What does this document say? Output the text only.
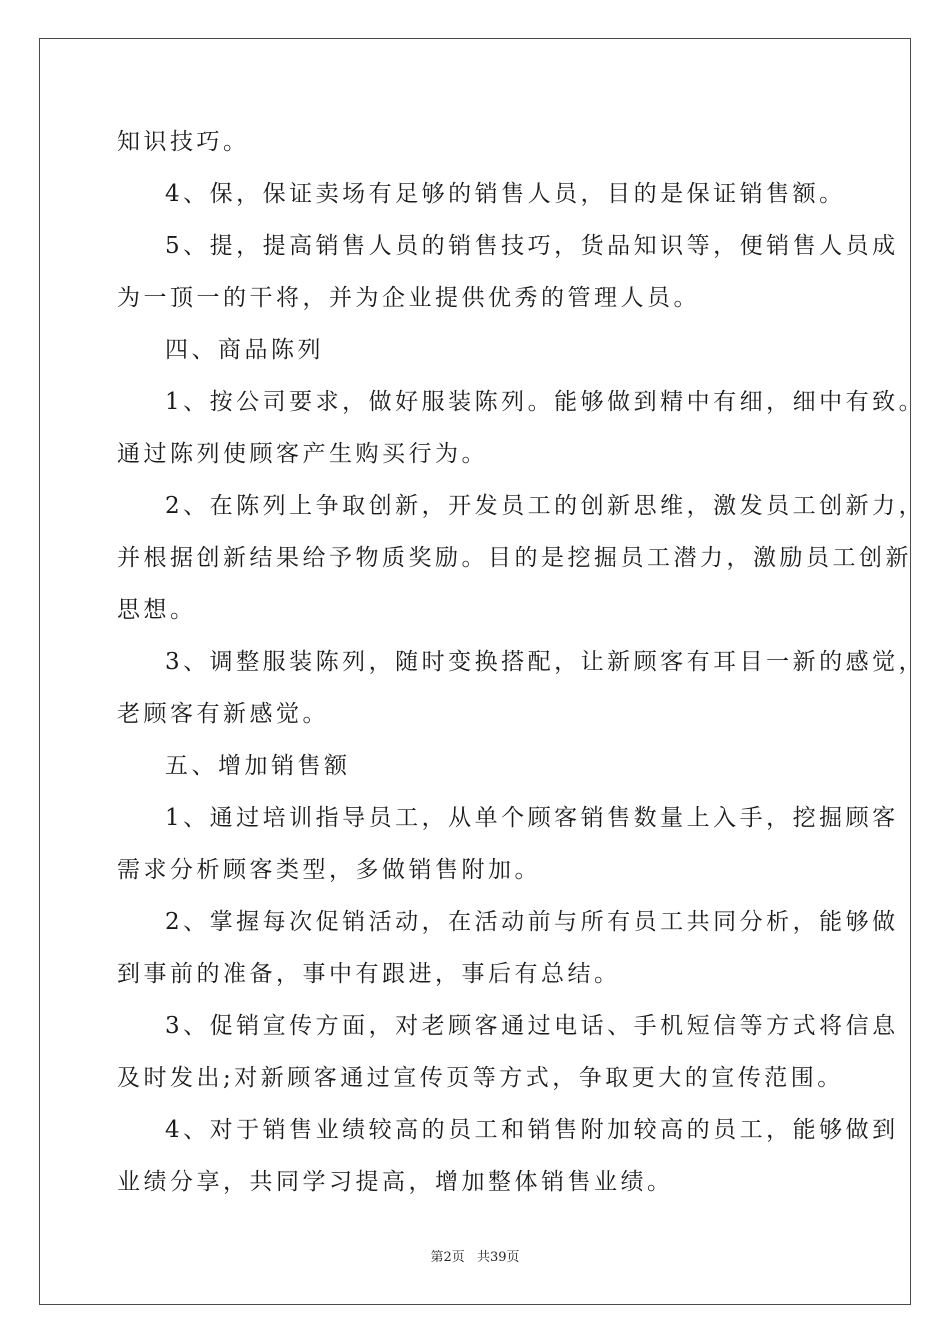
知识技巧。
4、保，保证卖场有足够的销售人员，目的是保证销售额。
5、提，提高销售人员的销售技巧，货品知识等，便销售人员成
为一顶一的干将，并为企业提供优秀的管理人员。
四、商品陈列
1、按公司要求，做好服装陈列。能够做到精中有细，细中有致。
通过陈列使顾客产生购买行为。
2、在陈列上争取创新，开发员工的创新思维，激发员工创新力，
并根据创新结果给予物质奖励。目的是挖掘员工潜力，激励员工创新
思想。
3、调整服装陈列，随时变换搭配，让新顾客有耳目一新的感觉，
老顾客有新感觉。
五、增加销售额
1、通过培训指导员工，从单个顾客销售数量上入手，挖掘顾客
需求分析顾客类型，多做销售附加。
2、掌握每次促销活动，在活动前与所有员工共同分析，能够做
到事前的准备，事中有跟进，事后有总结。
3、促销宣传方面，对老顾客通过电话、手机短信等方式将信息
及时发出;对新顾客通过宣传页等方式，争取更大的宣传范围。
4、对于销售业绩较高的员工和销售附加较高的员工，能够做到
业绩分享，共同学习提高，增加整体销售业绩。
第2页 共39页
